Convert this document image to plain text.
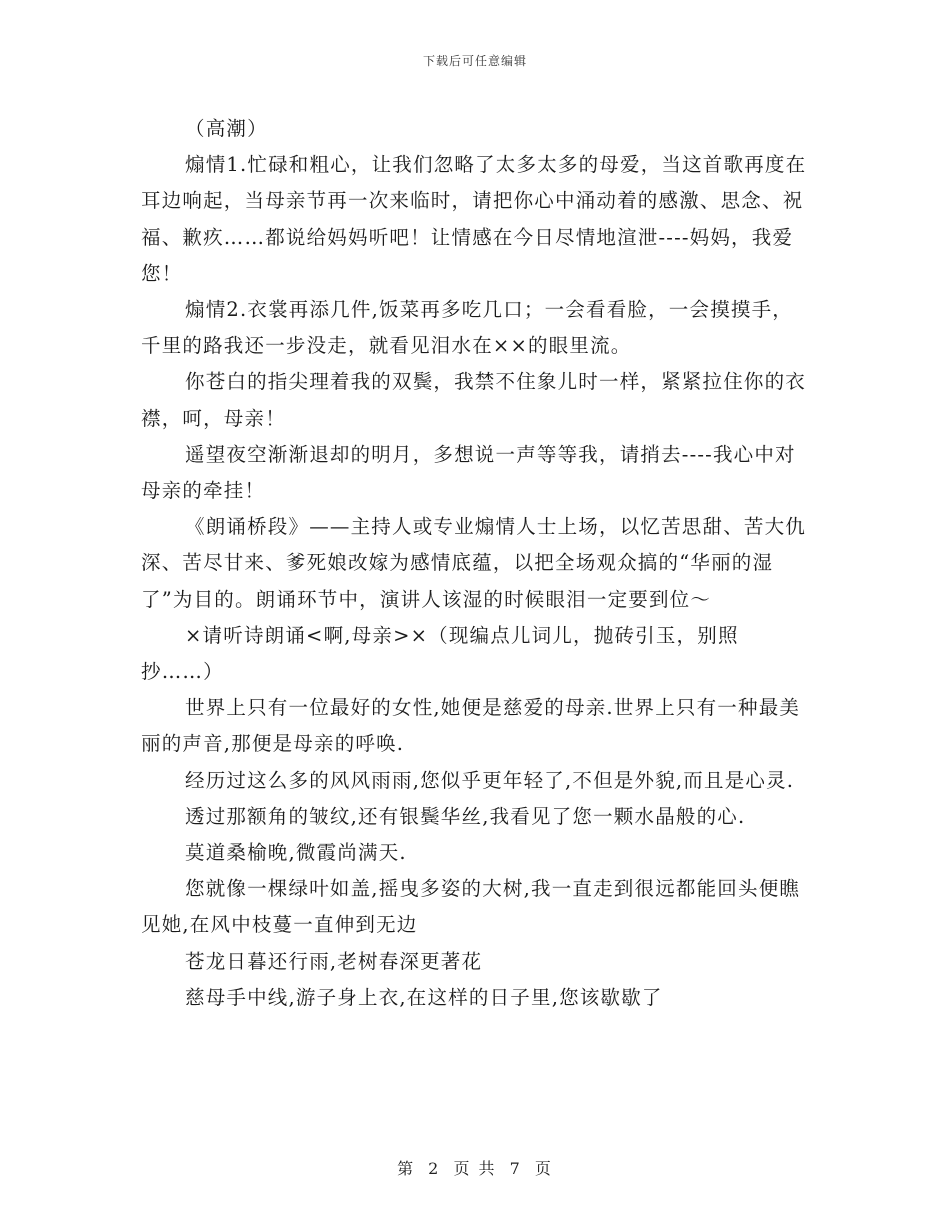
下载后可任意编辑

（高潮）

煽情1.忙碌和粗心，让我们忽略了太多太多的母爱，当这首歌再度在耳边响起，当母亲节再一次来临时，请把你心中涌动着的感激、思念、祝福、歉疚……都说给妈妈听吧！让情感在今日尽情地渲泄----妈妈，我爱您！

煽情2.衣裳再添几件,饭菜再多吃几口；一会看看脸，一会摸摸手，千里的路我还一步没走，就看见泪水在××的眼里流。

你苍白的指尖理着我的双鬓，我禁不住象儿时一样，紧紧拉住你的衣襟，呵，母亲！

遥望夜空渐渐退却的明月，多想说一声等等我，请捎去----我心中对母亲的牵挂！

《朗诵桥段》——主持人或专业煽情人士上场，以忆苦思甜、苦大仇深、苦尽甘来、爹死娘改嫁为感情底蕴，以把全场观众搞的“华丽的湿了”为目的。朗诵环节中，演讲人该湿的时候眼泪一定要到位～

×请听诗朗诵<啊,母亲>×（现编点儿词儿，抛砖引玉，别照抄……）

世界上只有一位最好的女性,她便是慈爱的母亲.世界上只有一种最美丽的声音,那便是母亲的呼唤.

经历过这么多的风风雨雨,您似乎更年轻了,不但是外貌,而且是心灵.

透过那额角的皱纹,还有银鬓华丝,我看见了您一颗水晶般的心.

莫道桑榆晚,微霞尚满天.

您就像一棵绿叶如盖,摇曳多姿的大树,我一直走到很远都能回头便瞧见她,在风中枝蔓一直伸到无边

苍龙日暮还行雨,老树春深更著花

慈母手中线,游子身上衣,在这样的日子里,您该歇歇了

第 2 页 共 7 页
